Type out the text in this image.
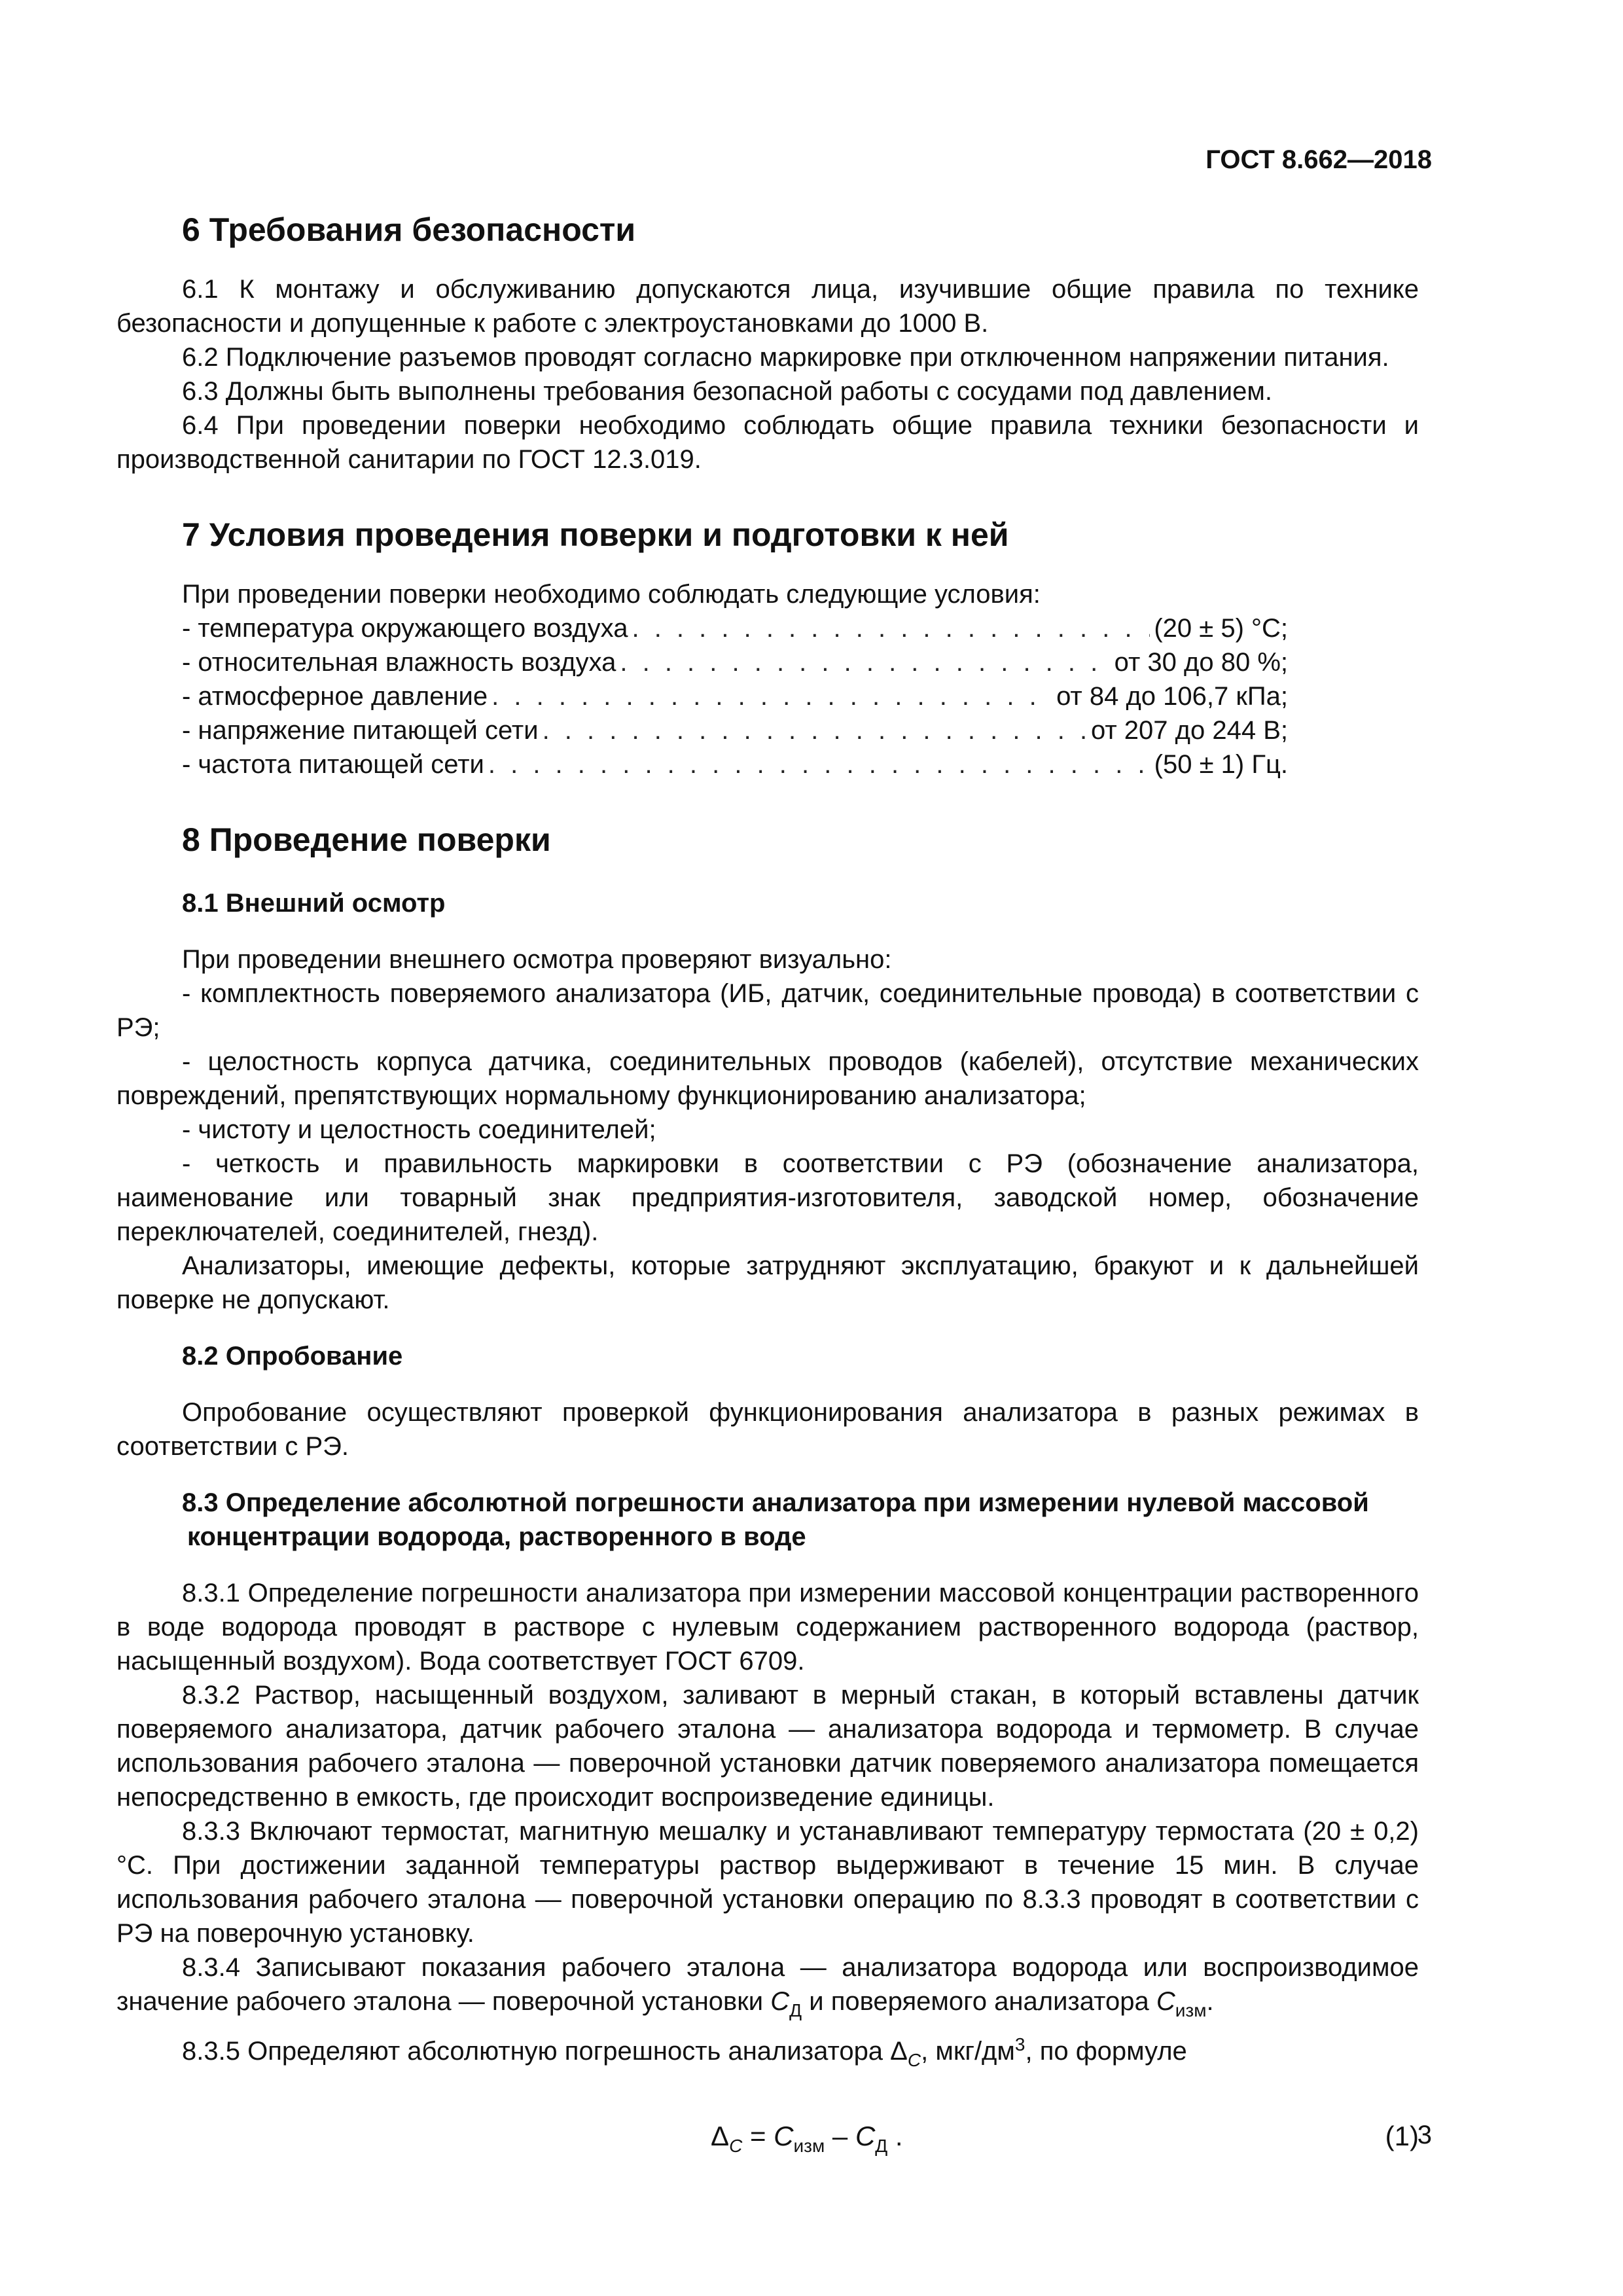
ГОСТ 8.662—2018
6 Требования безопасности

6.1 К монтажу и обслуживанию допускаются лица, изучившие общие правила по технике безопасности и допущенные к работе с электроустановками до 1000 В.

6.2 Подключение разъемов проводят согласно маркировке при отключенном напряжении питания.

6.3 Должны быть выполнены требования безопасной работы с сосудами под давлением.

6.4 При проведении поверки необходимо соблюдать общие правила техники безопасности и производственной санитарии по ГОСТ 12.3.019.

7 Условия проведения поверки и подготовки к ней

При проведении поверки необходимо соблюдать следующие условия:

- температура окружающего воздуха . . .	(20 ± 5) °С;
- относительная влажность воздуха . . .	от 30 до 80 %;
- атмосферное давление . . .	от 84 до 106,7 кПа;
- напряжение питающей сети . . .	от 207 до 244 В;
- частота питающей сети . . .	(50 ± 1) Гц.
8 Проведение поверки
8.1 Внешний осмотр

При проведении внешнего осмотра проверяют визуально:

- комплектность поверяемого анализатора (ИБ, датчик, соединительные провода) в соответствии с РЭ;

- целостность корпуса датчика, соединительных проводов (кабелей), отсутствие механических повреждений, препятствующих нормальному функционированию анализатора;

- чистоту и целостность соединителей;

- четкость и правильность маркировки в соответствии с РЭ (обозначение анализатора, наименование или товарный знак предприятия-изготовителя, заводской номер, обозначение переключателей, соединителей, гнезд).

Анализаторы, имеющие дефекты, которые затрудняют эксплуатацию, бракуют и к дальнейшей поверке не допускают.

8.2 Опробование

Опробование осуществляют проверкой функционирования анализатора в разных режимах в соответствии с РЭ.

8.3 Определение абсолютной погрешности анализатора при измерении нулевой массовой
концентрации водорода, растворенного в воде

8.3.1 Определение погрешности анализатора при измерении массовой концентрации растворенного в воде водорода проводят в растворе с нулевым содержанием растворенного водорода (раствор, насыщенный воздухом). Вода соответствует ГОСТ 6709.

8.3.2 Раствор, насыщенный воздухом, заливают в мерный стакан, в который вставлены датчик поверяемого анализатора, датчик рабочего эталона — анализатора водорода и термометр. В случае использования рабочего эталона — поверочной установки датчик поверяемого анализатора помещается непосредственно в емкость, где происходит воспроизведение единицы.

8.3.3 Включают термостат, магнитную мешалку и устанавливают температуру термостата (20 ± 0,2) °С. При достижении заданной температуры раствор выдерживают в течение 15 мин. В случае использования рабочего эталона — поверочной установки операцию по 8.3.3 проводят в соответствии с РЭ на поверочную установку.

8.3.4 Записывают показания рабочего эталона — анализатора водорода или воспроизводимое значение рабочего эталона — поверочной установки $С_Д$ и поверяемого анализатора $С_{изм}$.

8.3.5 Определяют абсолютную погрешность анализатора $\Delta_C$, мкг/$дм^3$, по формуле

$\Delta_C = С_{изм} - С_Д$ .	(1)
3
